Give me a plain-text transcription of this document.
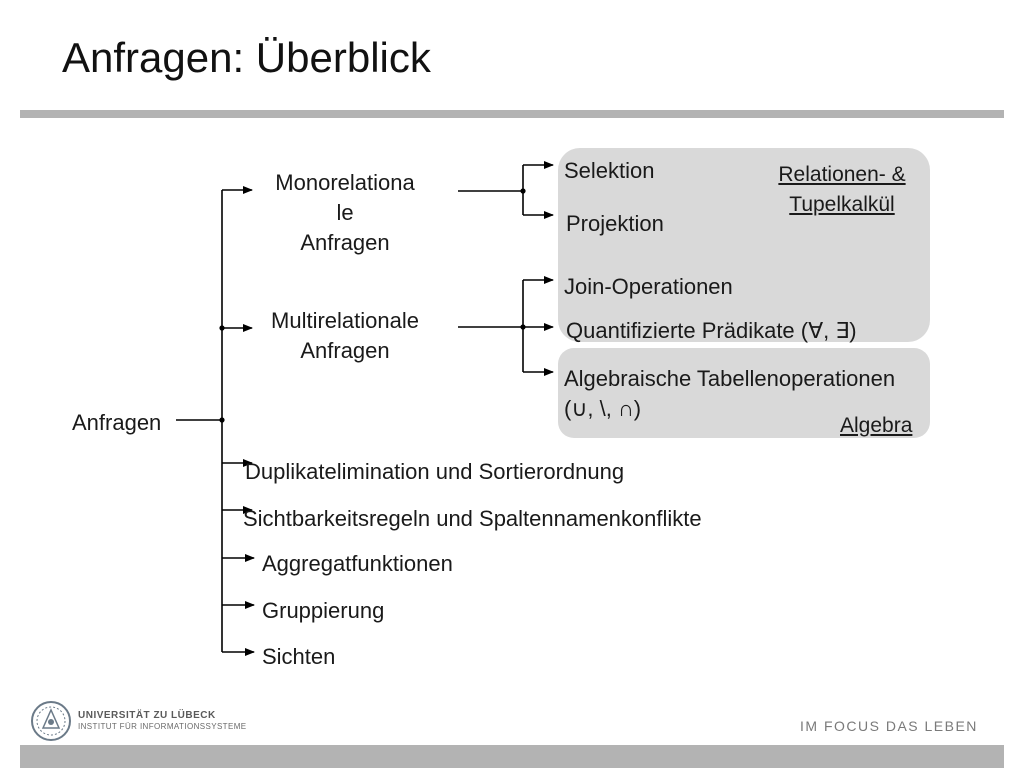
Anfragen: Überblick
Anfragen
Monorelationa
le
Anfragen
Multirelationale
Anfragen
Selektion
Projektion
Join-Operationen
Quantifizierte Prädikate (∀, ∃)
Algebraische Tabellenoperationen
(∪, \, ∩)
Relationen- &
Tupelkalkül
Algebra
Duplikatelimination und Sortierordnung
Sichtbarkeitsregeln und Spaltennamenkonflikte
Aggregatfunktionen
Gruppierung
Sichten
UNIVERSITÄT ZU LÜBECK
INSTITUT FÜR INFORMATIONSSYSTEME	IM FOCUS DAS LEBEN
